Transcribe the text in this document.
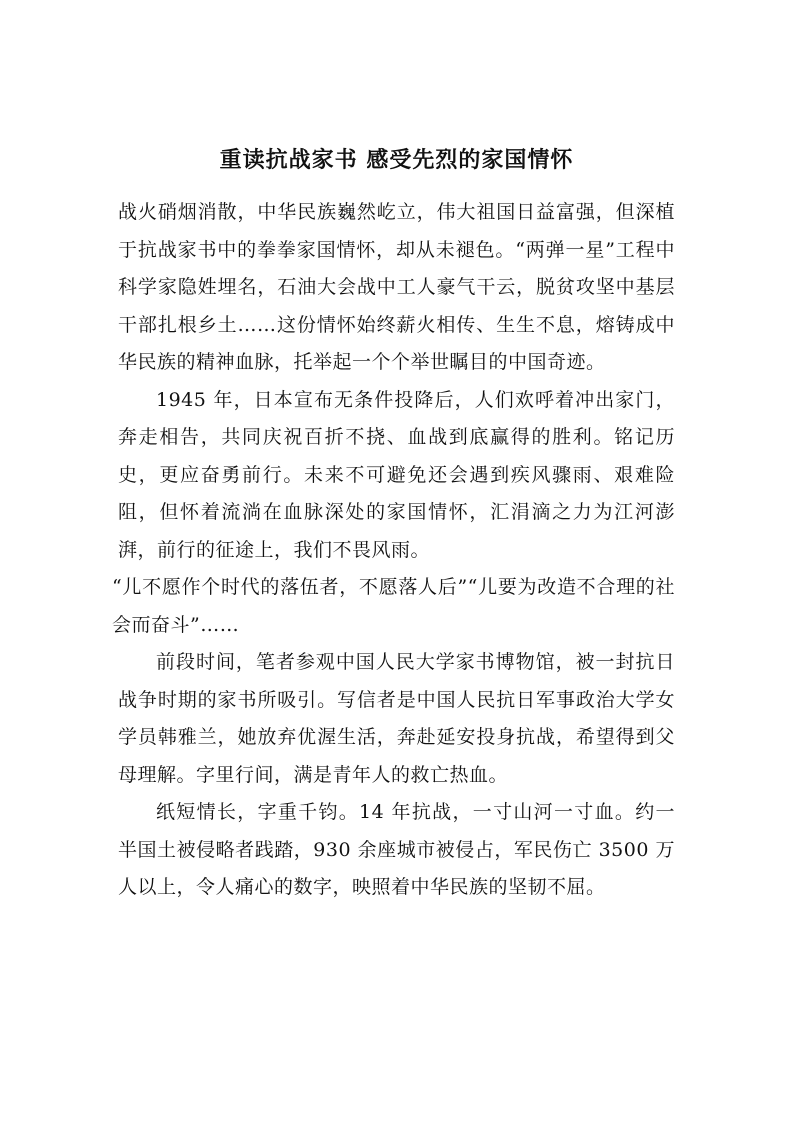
重读抗战家书 感受先烈的家国情怀

战火硝烟消散，中华民族巍然屹立，伟大祖国日益富强，但深植于抗战家书中的拳拳家国情怀，却从未褪色。“两弹一星”工程中科学家隐姓埋名，石油大会战中工人豪气干云，脱贫攻坚中基层干部扎根乡土……这份情怀始终薪火相传、生生不息，熔铸成中华民族的精神血脉，托举起一个个举世瞩目的中国奇迹。

1945 年，日本宣布无条件投降后，人们欢呼着冲出家门，奔走相告，共同庆祝百折不挠、血战到底赢得的胜利。铭记历史，更应奋勇前行。未来不可避免还会遇到疾风骤雨、艰难险阻，但怀着流淌在血脉深处的家国情怀，汇涓滴之力为江河澎湃，前行的征途上，我们不畏风雨。

“儿不愿作个时代的落伍者，不愿落人后”“儿要为改造不合理的社会而奋斗”……

前段时间，笔者参观中国人民大学家书博物馆，被一封抗日战争时期的家书所吸引。写信者是中国人民抗日军事政治大学女学员韩雅兰，她放弃优渥生活，奔赴延安投身抗战，希望得到父母理解。字里行间，满是青年人的救亡热血。

纸短情长，字重千钧。14 年抗战，一寸山河一寸血。约一半国土被侵略者践踏，930 余座城市被侵占，军民伤亡 3500 万人以上，令人痛心的数字，映照着中华民族的坚韧不屈。
